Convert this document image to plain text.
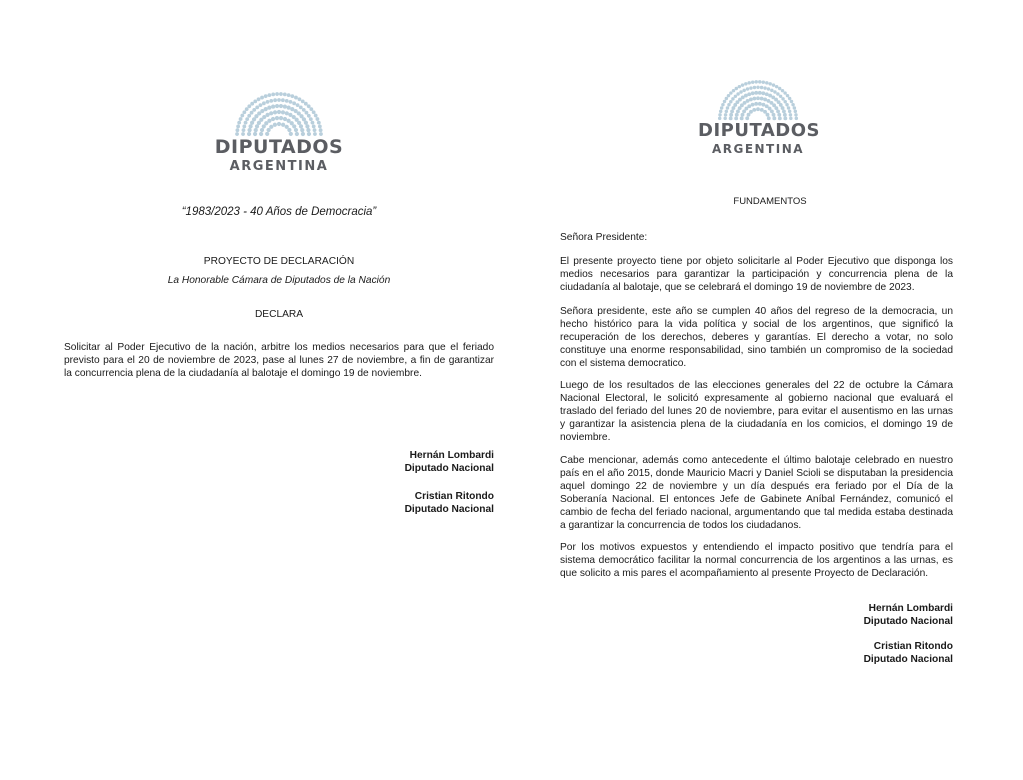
DIPUTADOS
ARGENTINA
“1983/2023 - 40 Años de Democracia”
PROYECTO DE DECLARACIÓN
La Honorable Cámara de Diputados de la Nación
DECLARA
Solicitar al Poder Ejecutivo de la nación, arbitre los medios necesarios para que el feriado previsto para el 20 de noviembre de 2023, pase al lunes 27 de noviembre, a fin de garantizar la concurrencia plena de la ciudadanía al balotaje el domingo 19 de noviembre.
Hernán Lombardi
Diputado Nacional
Cristian Ritondo
Diputado Nacional
DIPUTADOS
ARGENTINA
FUNDAMENTOS
Señora Presidente:
El presente proyecto tiene por objeto solicitarle al Poder Ejecutivo que disponga los medios necesarios para garantizar la participación y concurrencia plena de la ciudadanía al balotaje, que se celebrará el domingo 19 de noviembre de 2023.
Señora presidente, este año se cumplen 40 años del regreso de la democracia, un hecho histórico para la vida política y social de los argentinos, que significó la recuperación de los derechos, deberes y garantías. El derecho a votar, no solo constituye una enorme responsabilidad, sino también un compromiso de la sociedad con el sistema democratico.
Luego de los resultados de las elecciones generales del 22 de octubre la Cámara Nacional Electoral, le solicitó expresamente al gobierno nacional que evaluará el traslado del feriado del lunes 20 de noviembre, para evitar el ausentismo en las urnas y garantizar la asistencia plena de la ciudadanía en los comicios, el domingo 19 de noviembre.
Cabe mencionar, además como antecedente el último balotaje celebrado en nuestro país en el año 2015, donde Mauricio Macri y Daniel Scioli se disputaban la presidencia aquel domingo 22 de noviembre y un día después era feriado por el Día de la Soberanía Nacional. El entonces Jefe de Gabinete Aníbal Fernández, comunicó el cambio de fecha del feriado nacional, argumentando que tal medida estaba destinada a garantizar la concurrencia de todos los ciudadanos.
Por los motivos expuestos y entendiendo el impacto positivo que tendría para el sistema democrático facilitar la normal concurrencia de los argentinos a las urnas, es que solicito a mis pares el acompañamiento al presente Proyecto de Declaración.
Hernán Lombardi
Diputado Nacional
Cristian Ritondo
Diputado Nacional
